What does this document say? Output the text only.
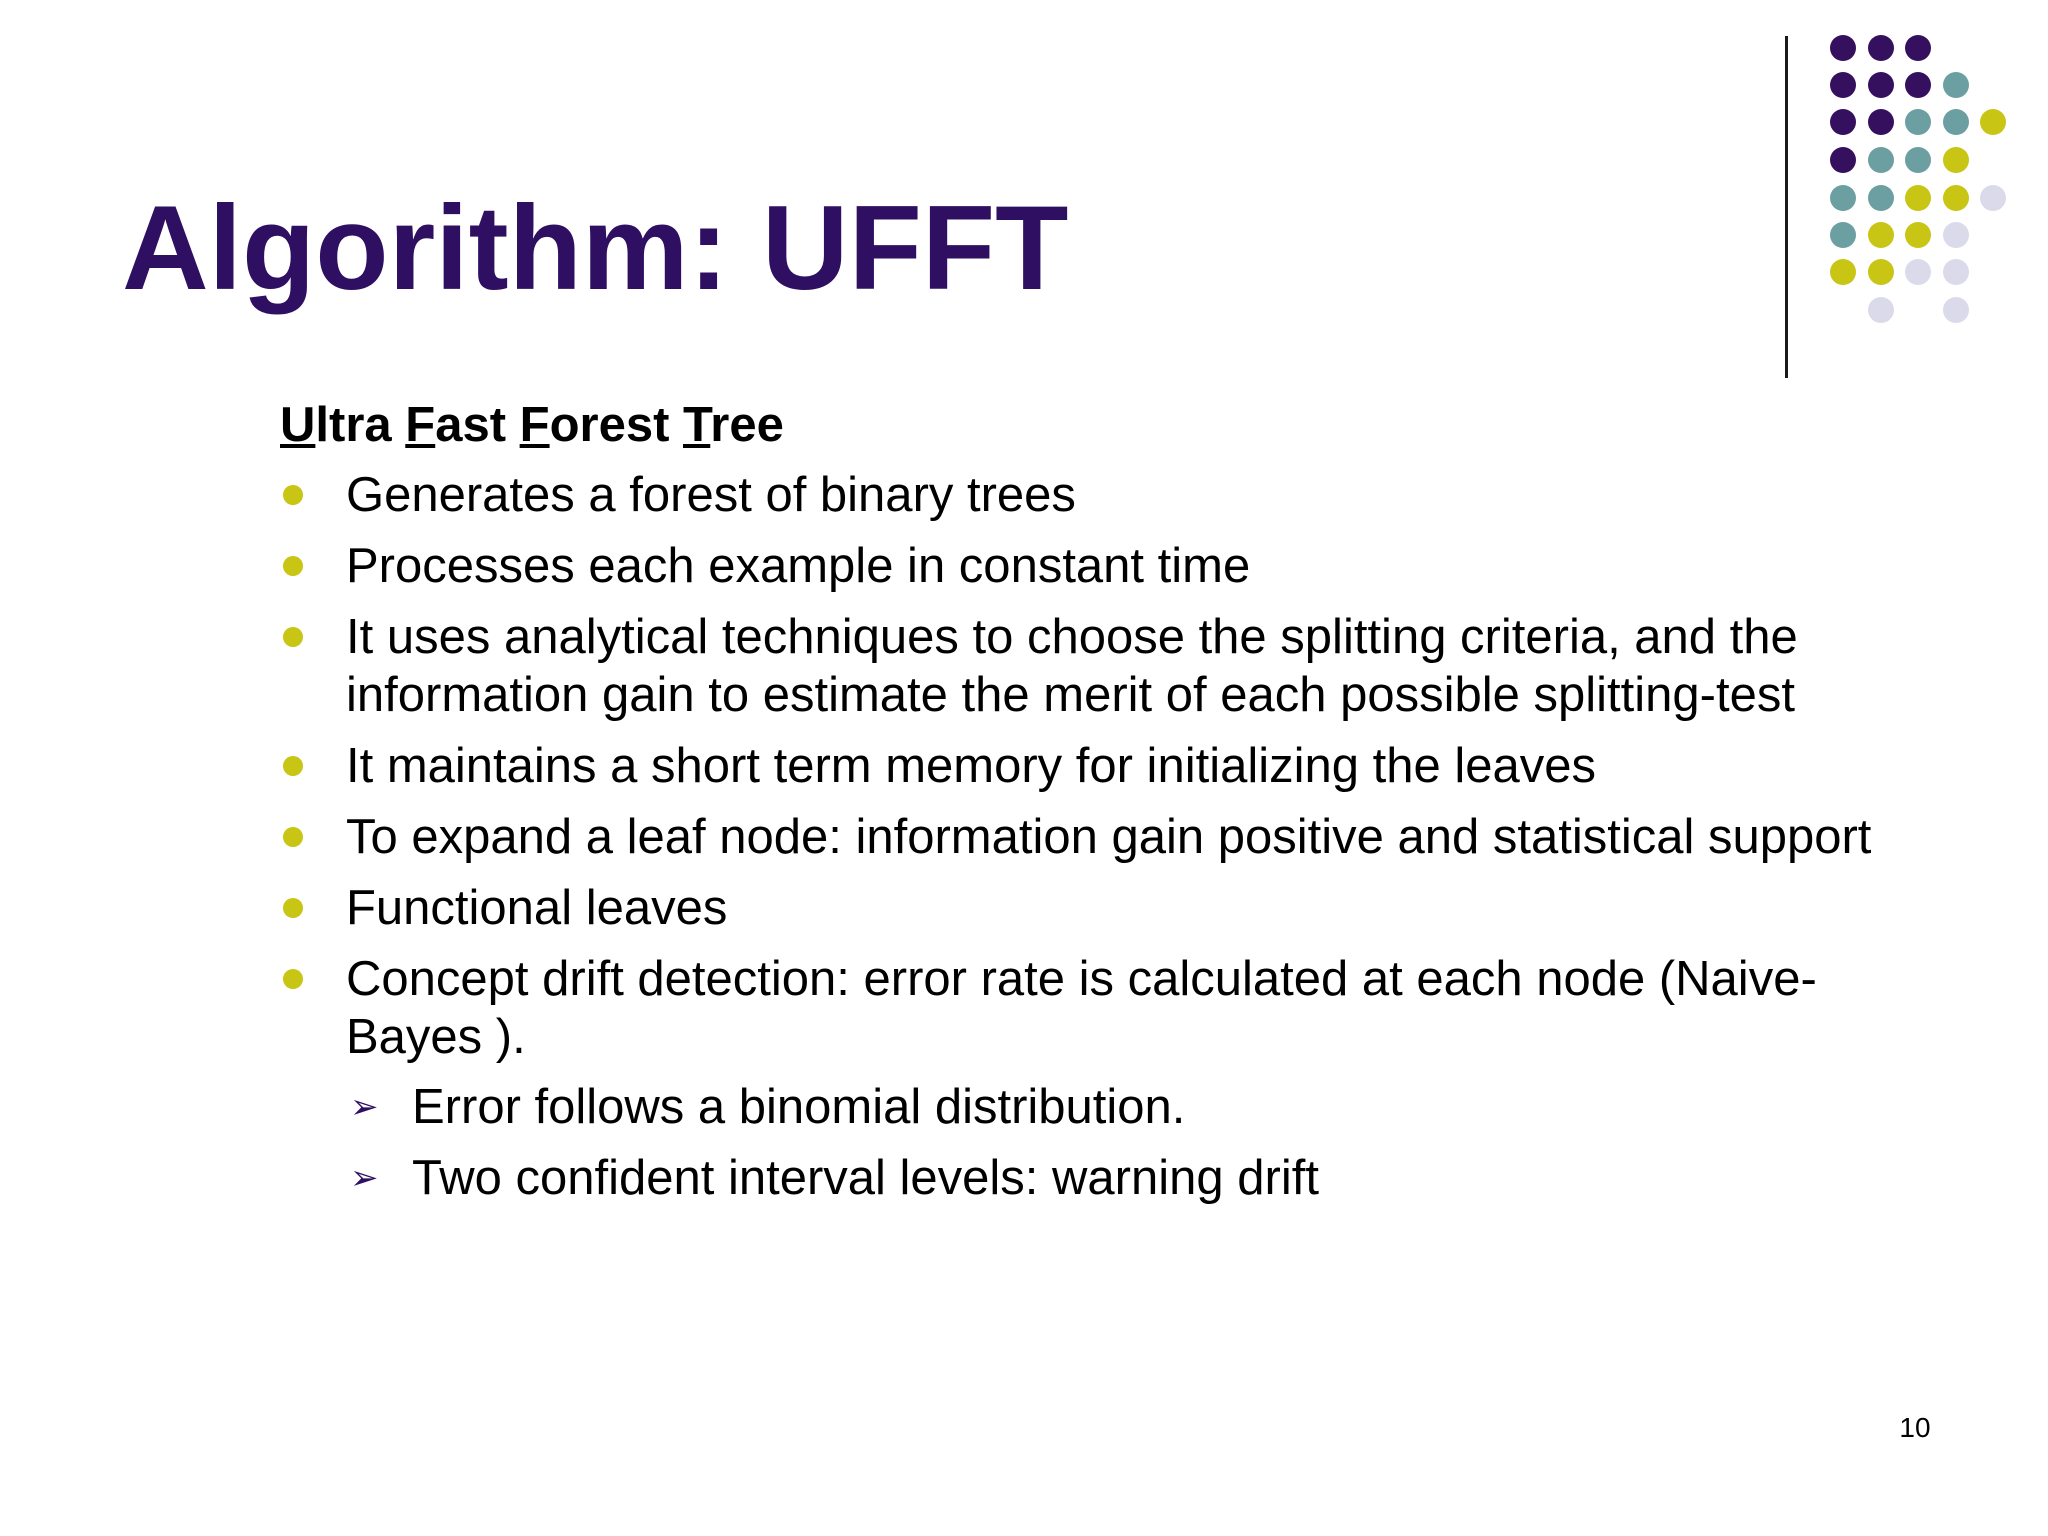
Algorithm: UFFT
Ultra Fast Forest Tree
Generates a forest of binary trees
Processes each example in constant time
It uses analytical techniques to choose the splitting criteria, and the information gain to estimate the merit of each possible splitting-test
It maintains a short term memory for initializing the leaves
To expand a leaf node: information gain positive and statistical support
Functional leaves
Concept drift detection: error rate is calculated at each node (Naive-Bayes ).
➢ Error follows a binomial distribution.
➢ Two confident interval levels: warning drift
10
